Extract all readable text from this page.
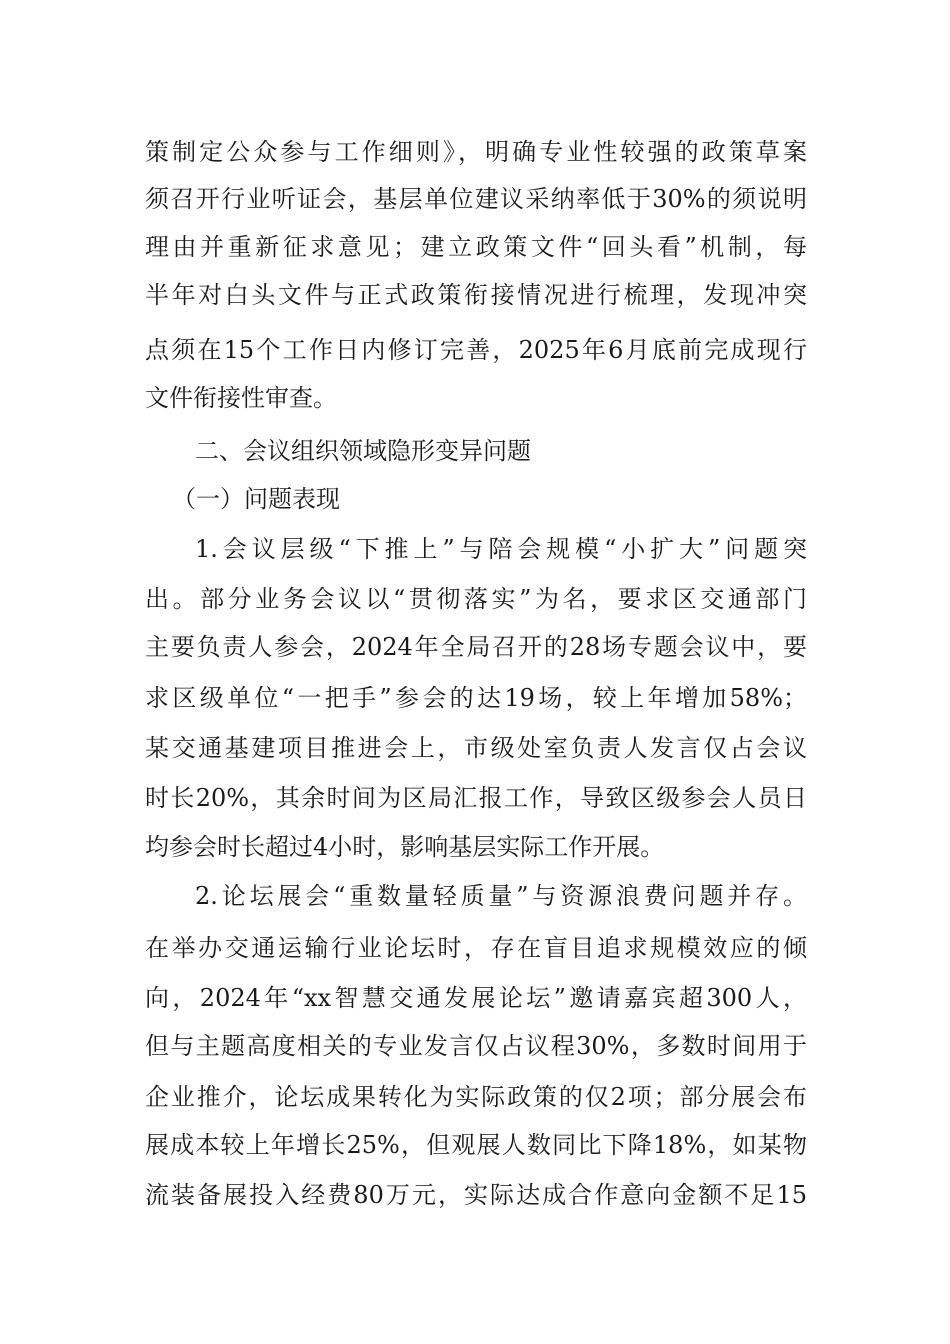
策制定公众参与工作细则》，明确专业性较强的政策草案
须召开行业听证会，基层单位建议采纳率低于30%的须说明
理由并重新征求意见；建立政策文件“回头看”机制，每
半年对白头文件与正式政策衔接情况进行梳理，发现冲突
点须在15个工作日内修订完善，2025年6月底前完成现行
文件衔接性审查。
二、会议组织领域隐形变异问题
（一）问题表现
1.会议层级“下推上”与陪会规模“小扩大”问题突
出。部分业务会议以“贯彻落实”为名，要求区交通部门
主要负责人参会，2024年全局召开的28场专题会议中，要
求区级单位“一把手”参会的达19场，较上年增加58%；
某交通基建项目推进会上，市级处室负责人发言仅占会议
时长20%，其余时间为区局汇报工作，导致区级参会人员日
均参会时长超过4小时，影响基层实际工作开展。
2.论坛展会“重数量轻质量”与资源浪费问题并存。
在举办交通运输行业论坛时，存在盲目追求规模效应的倾
向，2024年“xx智慧交通发展论坛”邀请嘉宾超300人，
但与主题高度相关的专业发言仅占议程30%，多数时间用于
企业推介，论坛成果转化为实际政策的仅2项；部分展会布
展成本较上年增长25%，但观展人数同比下降18%，如某物
流装备展投入经费80万元，实际达成合作意向金额不足15
